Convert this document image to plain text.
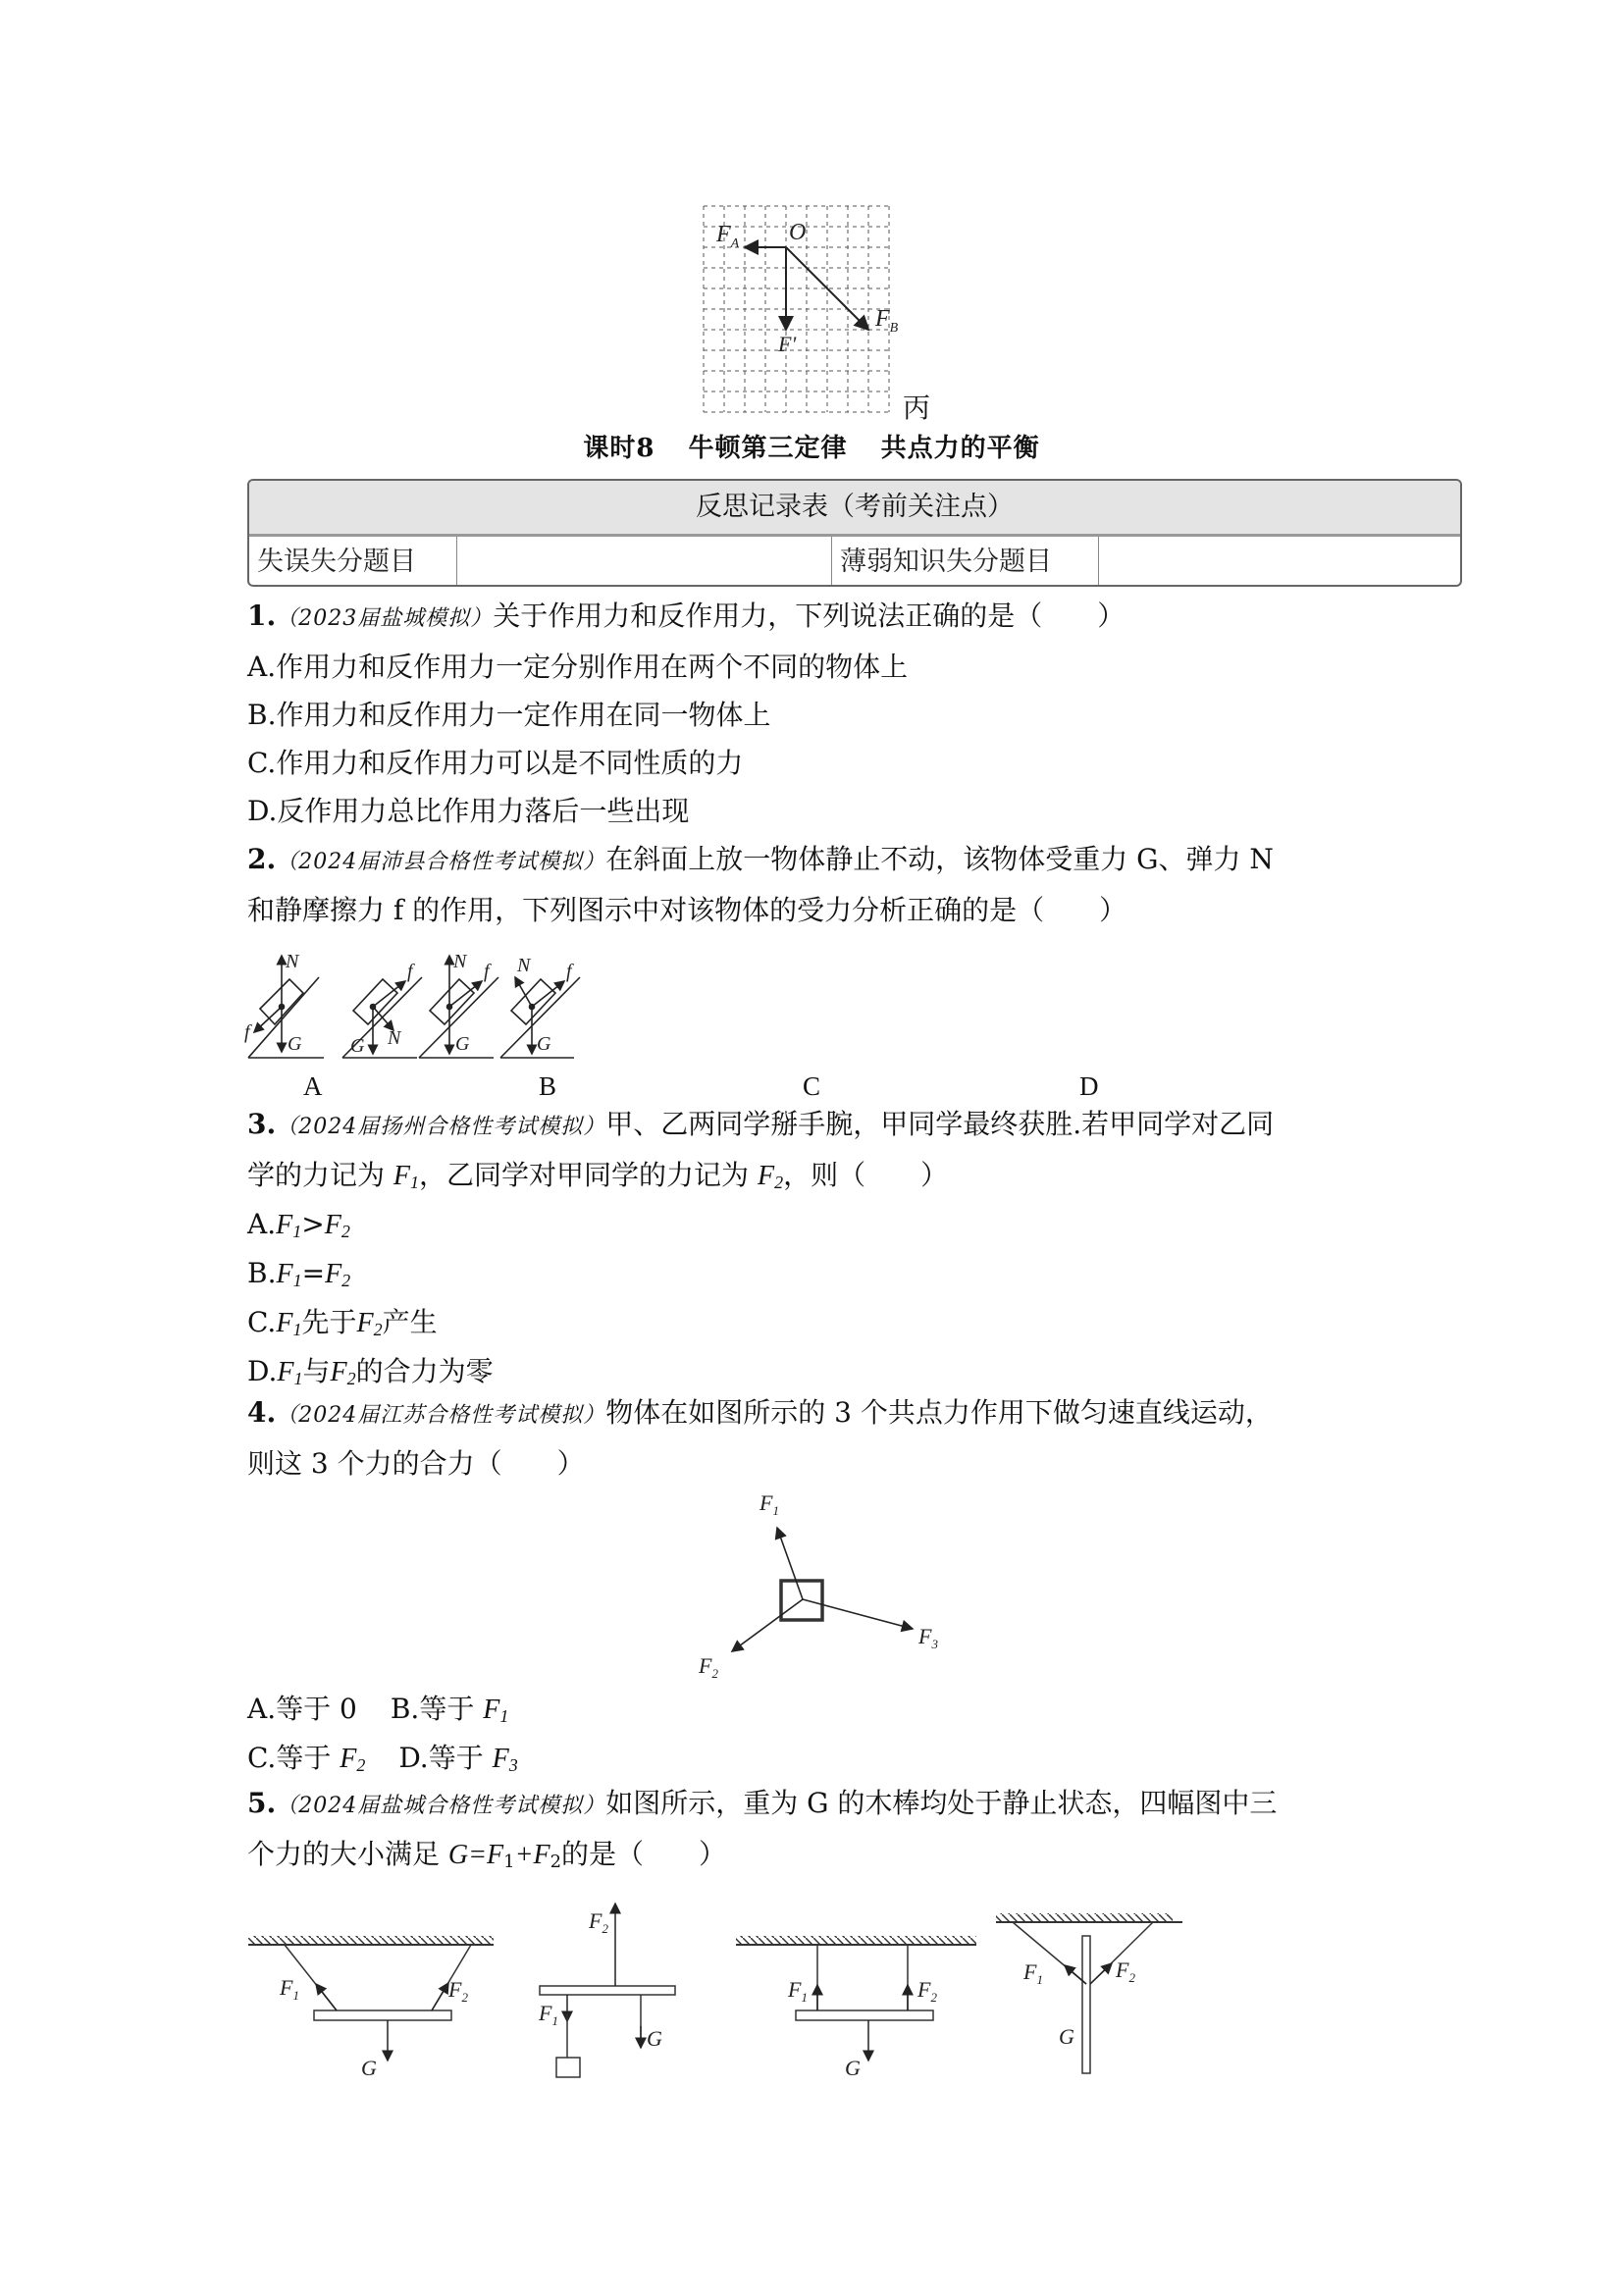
$F_A$ O
$F_B$
F'
丙
课时8 牛顿第三定律 共点力的平衡
反思记录表（考前关注点）
失误失分题目	薄弱知识失分题目
1.（2023届盐城模拟）关于作用力和反作用力，下列说法正确的是（　　）
A.作用力和反作用力一定分别作用在两个不同的物体上
B.作用力和反作用力一定作用在同一物体上
C.作用力和反作用力可以是不同性质的力
D.反作用力总比作用力落后一些出现
2.（2024届沛县合格性考试模拟）在斜面上放一物体静止不动，该物体受重力 G、弹力 N
和静摩擦力 f 的作用，下列图示中对该物体的受力分析正确的是（　　）
N
G
f
f
G N
N f
G
N f
G
A	B	C	D
3.（2024届扬州合格性考试模拟）甲、乙两同学掰手腕，甲同学最终获胜.若甲同学对乙同
学的力记为 $F_1$，乙同学对甲同学的力记为 $F_2$，则（　　）
$A.F_1>F_2$
$B.F_1=F_2$
$C.F_1$先于$F_2$产生
$D.F_1$与$F_2$的合力为零
4.（2024届江苏合格性考试模拟）物体在如图所示的 3 个共点力作用下做匀速直线运动，
则这 3 个力的合力（　　）
$F_1$
$F_2$
$F_3$
A.等于 0 B.等于 $F_1$
C.等于 $F_2$ D.等于 $F_3$
5.（2024届盐城合格性考试模拟）如图所示，重为 G 的木棒均处于静止状态，四幅图中三
个力的大小满足 $G=F_1+F_2$的是（　　）
$F_1$	$F_2$
G
$F_2$
$F_1$
G
$F_1$	$F_2$
G
$F_1$	$F_2$
G
